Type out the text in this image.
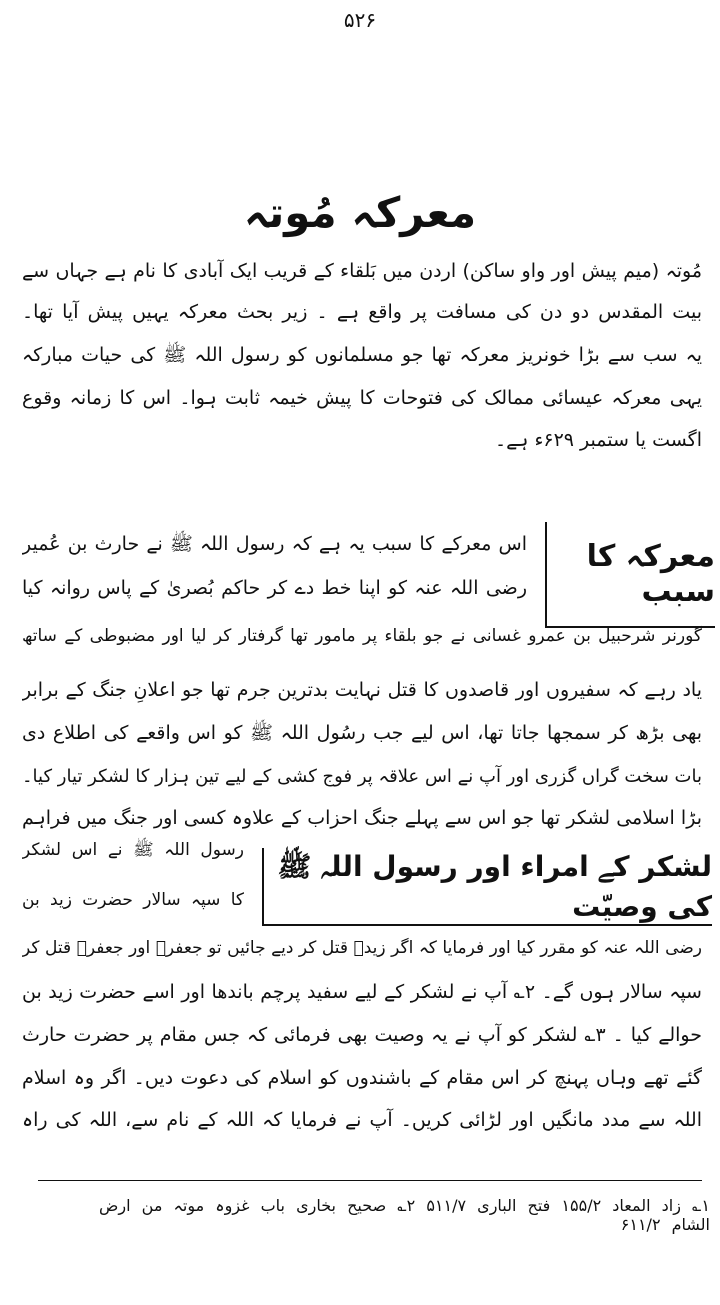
۵۲۶
معرکہ مُوتہ
مُوتہ (میم پیش اور واو ساکن) اردن میں بَلقاء کے قریب ایک آبادی کا نام ہے جہاں سے
بیت المقدس دو دن کی مسافت پر واقع ہے ۔ زیر بحث معرکہ یہیں پیش آیا تھا۔
یہ سب سے بڑا خونریز معرکہ تھا جو مسلمانوں کو رسول اللہ ﷺ کی حیات مبارکہ
یہی معرکہ عیسائی ممالک کی فتوحات کا پیش خیمہ ثابت ہوا۔ اس کا زمانہ وقوع
اگست یا ستمبر ۶۲۹ء ہے۔
معرکہ کا سبب
اس معرکے کا سبب یہ ہے کہ رسول اللہ ﷺ نے حارث بن عُمیر
رضی اللہ عنہ کو اپنا خط دے کر حاکم بُصریٰ کے پاس روانہ کیا
گورنر شرحبیل بن عمرو غسانی نے جو بلقاء پر مامور تھا گرفتار کر لیا اور مضبوطی کے ساتھ
یاد رہے کہ سفیروں اور قاصدوں کا قتل نہایت بدترین جرم تھا جو اعلانِ جنگ کے برابر
بھی بڑھ کر سمجھا جاتا تھا، اس لیے جب رسُول اللہ ﷺ کو اس واقعے کی اطلاع دی
بات سخت گراں گزری اور آپ نے اس علاقہ پر فوج کشی کے لیے تین ہزار کا لشکر تیار کیا۔
بڑا اسلامی لشکر تھا جو اس سے پہلے جنگ احزاب کے علاوہ کسی اور جنگ میں فراہم
لشکر کے امراء اور رسول اللہ ﷺ کی وصیّت
رسول اللہ ﷺ نے اس لشکر
کا سپہ سالار حضرت زید بن
رضی اللہ عنہ کو مقرر کیا اور فرمایا کہ اگر زیدؓ قتل کر دیے جائیں تو جعفرؓ اور جعفرؓ قتل کر
سپہ سالار ہوں گے۔ ۲؎ آپ نے لشکر کے لیے سفید پرچم باندھا اور اسے حضرت زید بن
حوالے کیا ۔ ۳؎ لشکر کو آپ نے یہ وصیت بھی فرمائی کہ جس مقام پر حضرت حارث
گئے تھے وہاں پہنچ کر اس مقام کے باشندوں کو اسلام کی دعوت دیں۔ اگر وہ اسلام
اللہ سے مدد مانگیں اور لڑائی کریں۔ آپ نے فرمایا کہ اللہ کے نام سے، اللہ کی راہ
۱؎ زاد المعاد ۱۵۵/۲ فتح الباری ۵۱۱/۷ ۲؎ صحیح بخاری باب غزوہ موتہ من ارض الشام ۶۱۱/۲
